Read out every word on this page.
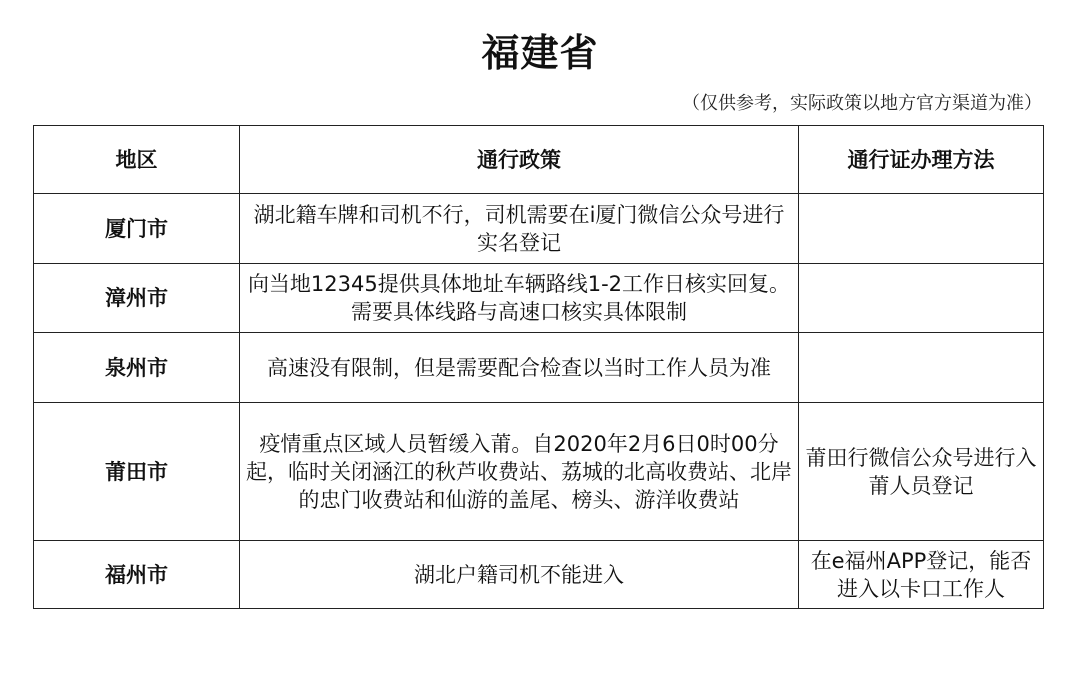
福建省
（仅供参考，实际政策以地方官方渠道为准）
地区	通行政策	通行证办理方法
厦门市	湖北籍车牌和司机不行，司机需要在i厦门微信公众号进行实名登记	
漳州市	向当地12345提供具体地址车辆路线1-2工作日核实回复。需要具体线路与高速口核实具体限制	
泉州市	高速没有限制，但是需要配合检查以当时工作人员为准	
莆田市	疫情重点区域人员暂缓入莆。自2020年2月6日0时00分起，临时关闭涵江的秋芦收费站、荔城的北高收费站、北岸的忠门收费站和仙游的盖尾、榜头、游洋收费站	莆田行微信公众号进行入莆人员登记
福州市	湖北户籍司机不能进入	在e福州APP登记，能否进入以卡口工作人
